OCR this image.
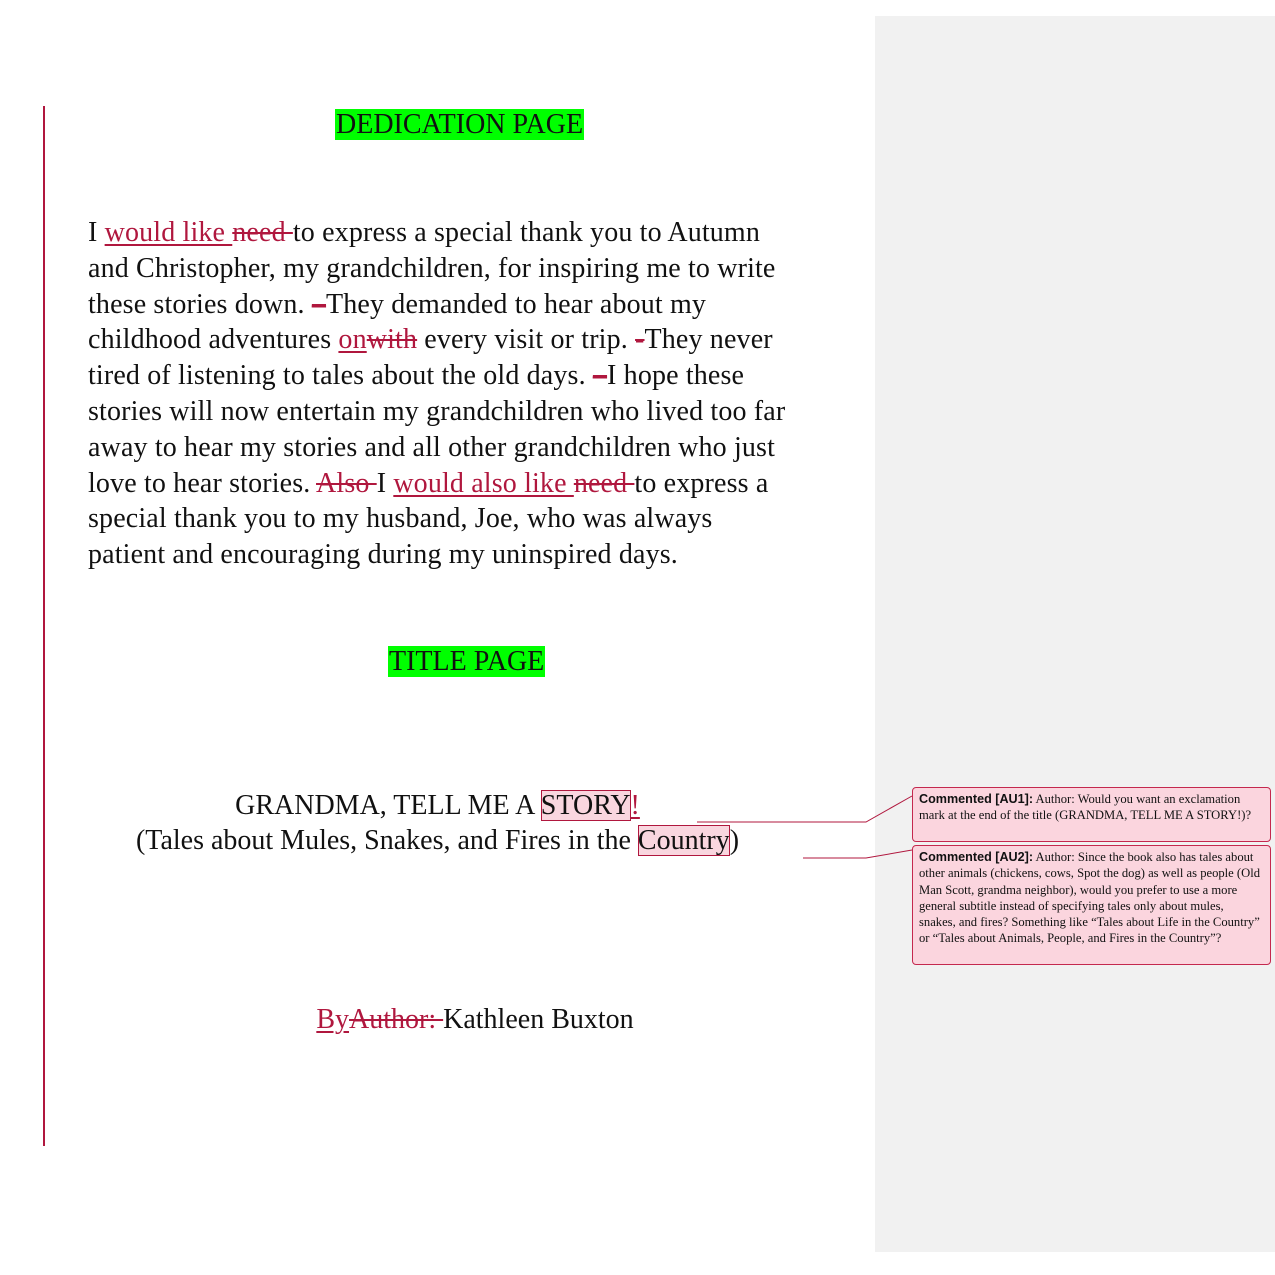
DEDICATION PAGE
I would like need to express a special thank you to Autumn
and Christopher, my grandchildren, for inspiring me to write
these stories down. –They demanded to hear about my
childhood adventures onwith every visit or trip. -They never
tired of listening to tales about the old days. –I hope these
stories will now entertain my grandchildren who lived too far
away to hear my stories and all other grandchildren who just
love to hear stories. Also I would also like need to express a
special thank you to my husband, Joe, who was always
patient and encouraging during my uninspired days.
TITLE PAGE
GRANDMA, TELL ME A STORY!
(Tales about Mules, Snakes, and Fires in the Country)
ByAuthor: Kathleen Buxton
Commented [AU1]: Author: Would you want an exclamation mark at the end of the title (GRANDMA, TELL ME A STORY!)?
Commented [AU2]: Author: Since the book also has tales about other animals (chickens, cows, Spot the dog) as well as people (Old Man Scott, grandma neighbor), would you prefer to use a more general subtitle instead of specifying tales only about mules, snakes, and fires? Something like “Tales about Life in the Country” or “Tales about Animals, People, and Fires in the Country”?
